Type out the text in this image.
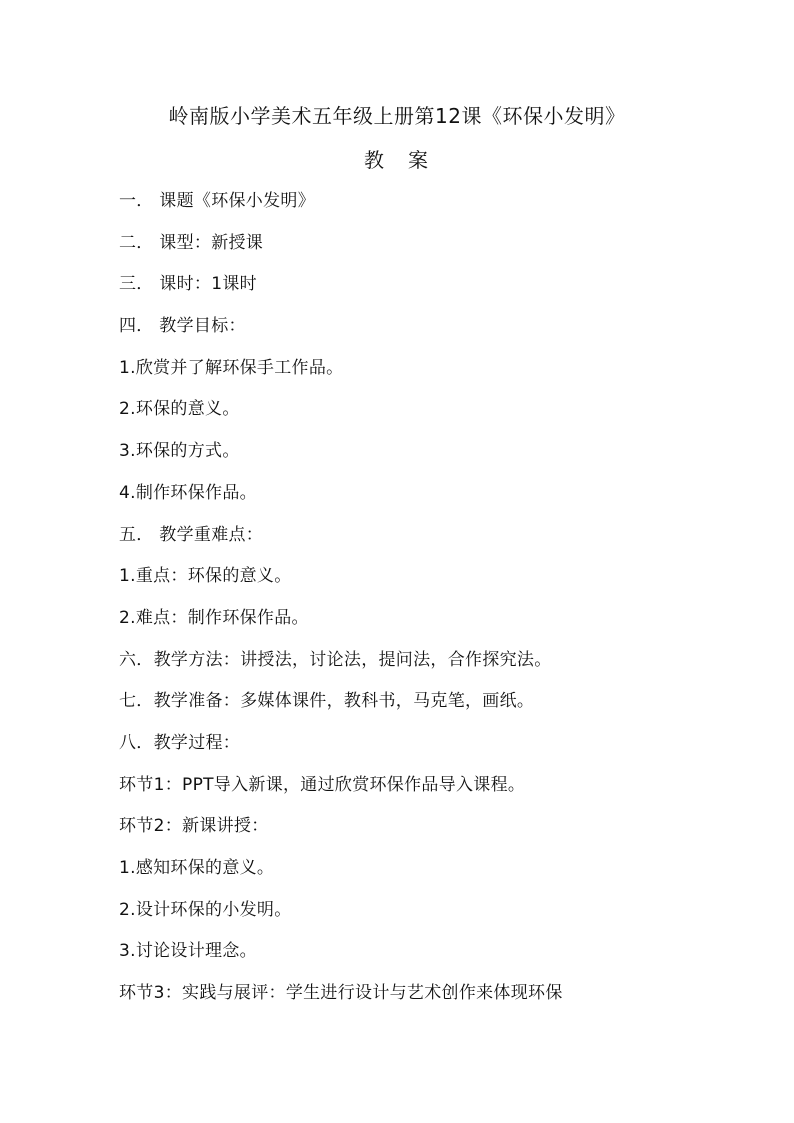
岭南版小学美术五年级上册第12课《环保小发明》
教　案
一． 课题《环保小发明》
二． 课型：新授课
三． 课时：1课时
四． 教学目标：
1.欣赏并了解环保手工作品。
2.环保的意义。
3.环保的方式。
4.制作环保作品。
五． 教学重难点：
1.重点：环保的意义。
2.难点：制作环保作品。
六．教学方法：讲授法，讨论法，提问法，合作探究法。
七．教学准备：多媒体课件，教科书，马克笔，画纸。
八．教学过程：
环节1：PPT导入新课，通过欣赏环保作品导入课程。
环节2：新课讲授：
1.感知环保的意义。
2.设计环保的小发明。
3.讨论设计理念。
环节3：实践与展评：学生进行设计与艺术创作来体现环保
